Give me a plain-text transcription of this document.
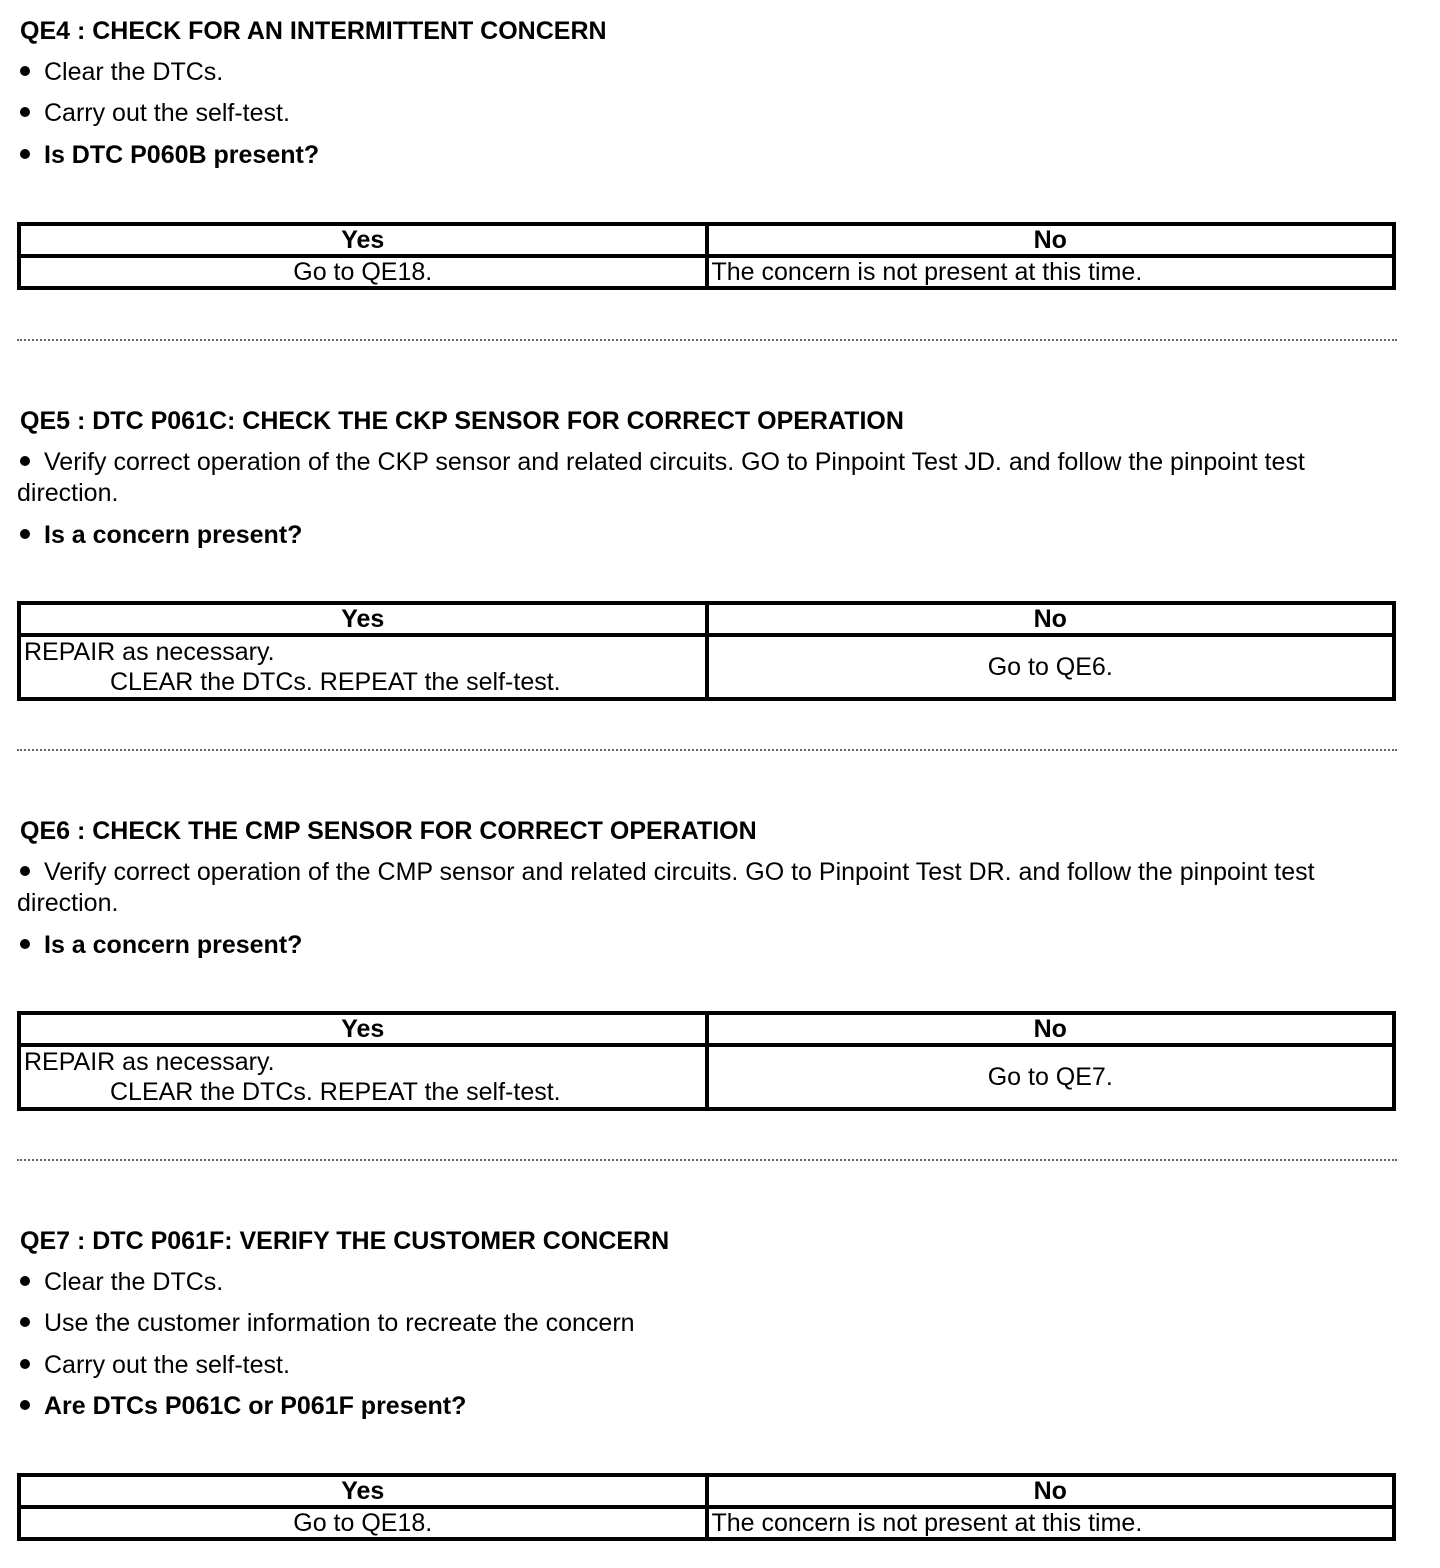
QE4 : CHECK FOR AN INTERMITTENT CONCERN
Clear the DTCs.
Carry out the self-test.
Is DTC P060B present?
Yes	No
Go to QE18.	The concern is not present at this time.
QE5 : DTC P061C: CHECK THE CKP SENSOR FOR CORRECT OPERATION
Verify correct operation of the CKP sensor and related circuits. GO to Pinpoint Test JD. and follow the pinpoint test direction.
Is a concern present?
Yes	No
REPAIR as necessary.
CLEAR the DTCs. REPEAT the self-test.	Go to QE6.
QE6 : CHECK THE CMP SENSOR FOR CORRECT OPERATION
Verify correct operation of the CMP sensor and related circuits. GO to Pinpoint Test DR. and follow the pinpoint test direction.
Is a concern present?
Yes	No
REPAIR as necessary.
CLEAR the DTCs. REPEAT the self-test.	Go to QE7.
QE7 : DTC P061F: VERIFY THE CUSTOMER CONCERN
Clear the DTCs.
Use the customer information to recreate the concern
Carry out the self-test.
Are DTCs P061C or P061F present?
Yes	No
Go to QE18.	The concern is not present at this time.
